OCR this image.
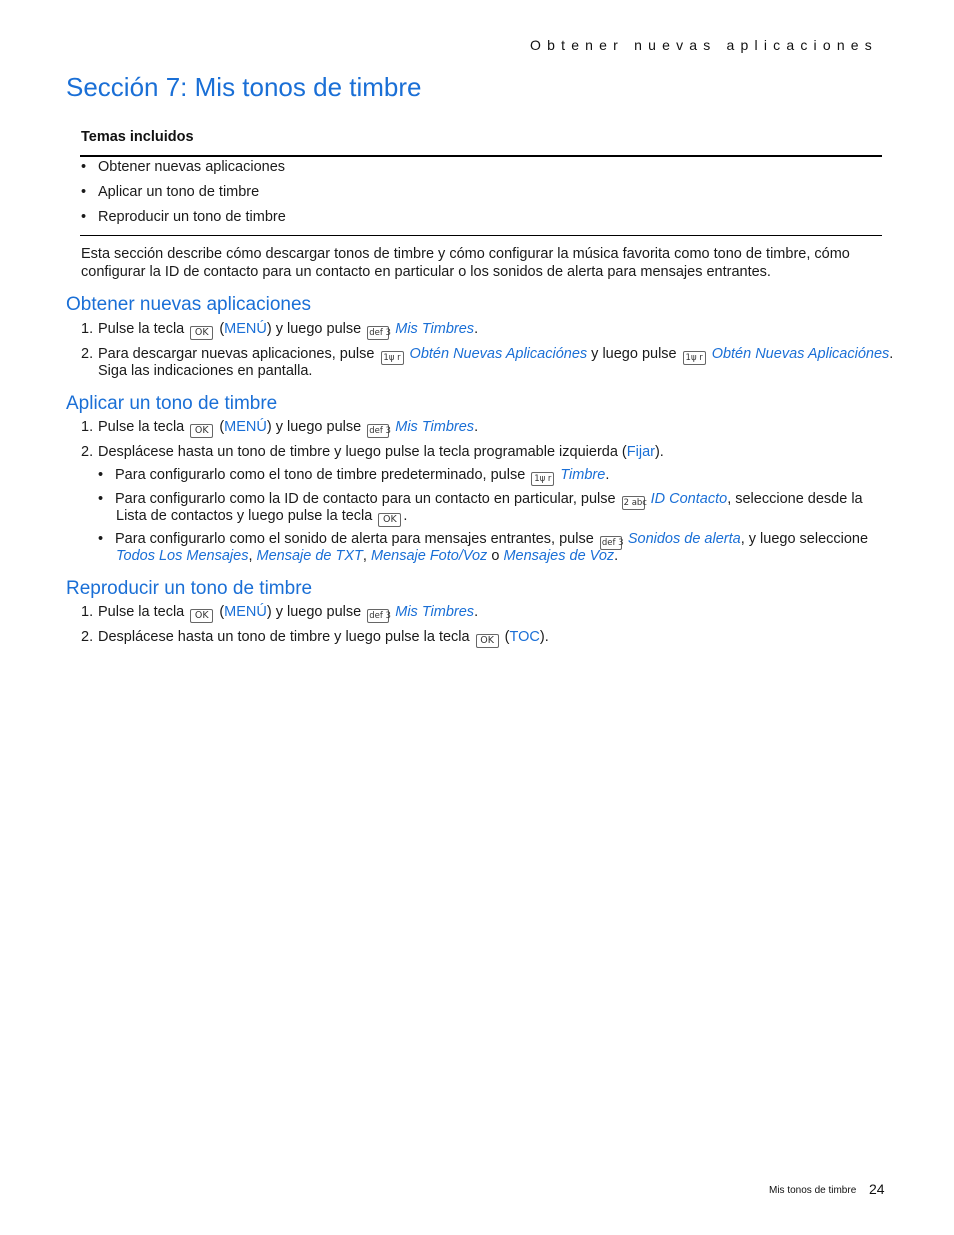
Obtener nuevas aplicaciones
Sección 7: Mis tonos de timbre
Temas incluidos
• Obtener nuevas aplicaciones
• Aplicar un tono de timbre
• Reproducir un tono de timbre

Esta sección describe cómo descargar tonos de timbre y cómo configurar la música favorita como tono de timbre, cómo configurar la ID de contacto para un contacto en particular o los sonidos de alerta para mensajes entrantes.

Obtener nuevas aplicaciones
1. Pulse la tecla OK (MENÚ) y luego pulse def 3 Mis Timbres.
2. Para descargar nuevas aplicaciones, pulse 1ψ r Obtén Nuevas Aplicaciónes y luego pulse 1ψ r Obtén Nuevas Aplicaciónes.
Siga las indicaciones en pantalla.
Aplicar un tono de timbre
1. Pulse la tecla OK (MENÚ) y luego pulse def 3 Mis Timbres.
2. Desplácese hasta un tono de timbre y luego pulse la tecla programable izquierda (Fijar).
• Para configurarlo como el tono de timbre predeterminado, pulse 1ψ r Timbre.
• Para configurarlo como la ID de contacto para un contacto en particular, pulse 2 abc ID Contacto, seleccione desde la
Lista de contactos y luego pulse la tecla OK .
• Para configurarlo como el sonido de alerta para mensajes entrantes, pulse def 3 Sonidos de alerta, y luego seleccione
Todos Los Mensajes, Mensaje de TXT, Mensaje Foto/Voz o Mensajes de Voz.
Reproducir un tono de timbre
1. Pulse la tecla OK (MENÚ) y luego pulse def 3 Mis Timbres.
2. Desplácese hasta un tono de timbre y luego pulse la tecla OK (TOC).
Mis tonos de timbre 24
